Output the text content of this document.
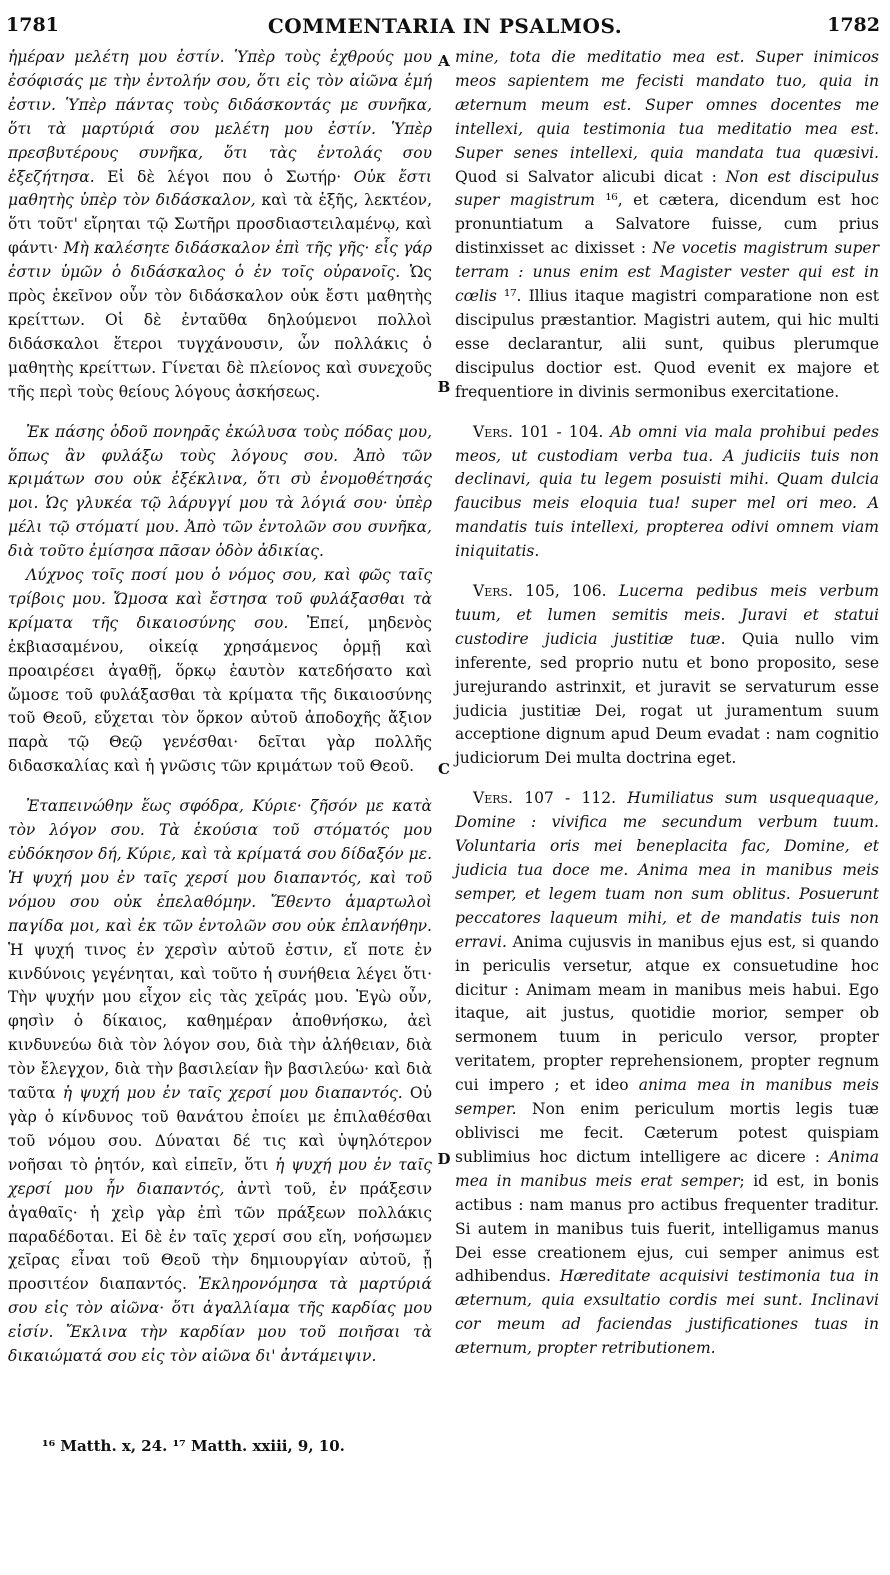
1781	COMMENTARIA IN PSALMOS.	1782
A
B
C
D

ἡμέραν μελέτη μου ἐστίν. Ὑπὲρ τοὺς ἐχθρούς μου ἐσόφισάς με τὴν ἐντολήν σου, ὅτι εἰς τὸν αἰῶνα ἐμή ἐστιν. Ὑπὲρ πάντας τοὺς διδάσκοντάς με συνῆκα, ὅτι τὰ μαρτύριά σου μελέτη μου ἐστίν. Ὑπὲρ πρεσβυτέρους συνῆκα, ὅτι τὰς ἐντολάς σου ἐξεζήτησα. Εἰ δὲ λέγοι που ὁ Σωτήρ· Οὐκ ἔστι μαθητὴς ὑπὲρ τὸν διδάσκαλον, καὶ τὰ ἑξῆς, λεκτέον, ὅτι τοῦτ' εἴρηται τῷ Σωτῆρι προσδιαστειλαμένῳ, καὶ φάντι· Μὴ καλέσητε διδάσκαλον ἐπὶ τῆς γῆς· εἷς γάρ ἐστιν ὑμῶν ὁ διδάσκαλος ὁ ἐν τοῖς οὐρανοῖς. Ὡς πρὸς ἐκεῖνον οὖν τὸν διδάσκαλον οὐκ ἔστι μαθητὴς κρείττων. Οἱ δὲ ἐνταῦθα δηλούμενοι πολλοὶ διδάσκαλοι ἕτεροι τυγχάνουσιν, ὧν πολλάκις ὁ μαθητὴς κρείττων. Γίνεται δὲ πλείονος καὶ συνεχοῦς τῆς περὶ τοὺς θείους λόγους ἀσκήσεως.

Ἐκ πάσης ὁδοῦ πονηρᾶς ἐκώλυσα τοὺς πόδας μου, ὅπως ἂν φυλάξω τοὺς λόγους σου. Ἀπὸ τῶν κριμάτων σου οὐκ ἐξέκλινα, ὅτι σὺ ἐνομοθέτησάς μοι. Ὡς γλυκέα τῷ λάρυγγί μου τὰ λόγιά σου· ὑπὲρ μέλι τῷ στόματί μου. Ἀπὸ τῶν ἐντολῶν σου συνῆκα, διὰ τοῦτο ἐμίσησα πᾶσαν ὁδὸν ἀδικίας.

Λύχνος τοῖς ποσί μου ὁ νόμος σου, καὶ φῶς ταῖς τρίβοις μου. Ὤμοσα καὶ ἔστησα τοῦ φυλάξασθαι τὰ κρίματα τῆς δικαιοσύνης σου. Ἐπεί, μηδενὸς ἐκβιασαμένου, οἰκείᾳ χρησάμενος ὁρμῇ καὶ προαιρέσει ἀγαθῇ, ὅρκῳ ἑαυτὸν κατεδήσατο καὶ ὤμοσε τοῦ φυλάξασθαι τὰ κρίματα τῆς δικαιοσύνης τοῦ Θεοῦ, εὔχεται τὸν ὅρκον αὐτοῦ ἀποδοχῆς ἄξιον παρὰ τῷ Θεῷ γενέσθαι· δεῖται γὰρ πολλῆς διδασκαλίας καὶ ἡ γνῶσις τῶν κριμάτων τοῦ Θεοῦ.

Ἐταπεινώθην ἕως σφόδρα, Κύριε· ζῆσόν με κατὰ τὸν λόγον σου. Τὰ ἑκούσια τοῦ στόματός μου εὐδόκησον δή, Κύριε, καὶ τὰ κρίματά σου δίδαξόν με. Ἡ ψυχή μου ἐν ταῖς χερσί μου διαπαντός, καὶ τοῦ νόμου σου οὐκ ἐπελαθόμην. Ἔθεντο ἁμαρτωλοὶ παγίδα μοι, καὶ ἐκ τῶν ἐντολῶν σου οὐκ ἐπλανήθην. Ἡ ψυχή τινος ἐν χερσὶν αὐτοῦ ἐστιν, εἴ ποτε ἐν κινδύνοις γεγένηται, καὶ τοῦτο ἡ συνήθεια λέγει ὅτι· Τὴν ψυχήν μου εἶχον εἰς τὰς χεῖράς μου. Ἐγὼ οὖν, φησὶν ὁ δίκαιος, καθημέραν ἀποθνήσκω, ἀεὶ κινδυνεύω διὰ τὸν λόγον σου, διὰ τὴν ἀλήθειαν, διὰ τὸν ἔλεγχον, διὰ τὴν βασιλείαν ἣν βασιλεύω· καὶ διὰ ταῦτα ἡ ψυχή μου ἐν ταῖς χερσί μου διαπαντός. Οὐ γὰρ ὁ κίνδυνος τοῦ θανάτου ἐποίει με ἐπιλαθέσθαι τοῦ νόμου σου. Δύναται δέ τις καὶ ὑψηλότερον νοῆσαι τὸ ῥητόν, καὶ εἰπεῖν, ὅτι ἡ ψυχή μου ἐν ταῖς χερσί μου ἦν διαπαντός, ἀντὶ τοῦ, ἐν πράξεσιν ἀγαθαῖς· ἡ χεὶρ γὰρ ἐπὶ τῶν πράξεων πολλάκις παραδέδοται. Εἰ δὲ ἐν ταῖς χερσί σου εἴη, νοήσωμεν χεῖρας εἶναι τοῦ Θεοῦ τὴν δημιουργίαν αὐτοῦ, ᾗ προσιτέον διαπαντός. Ἐκληρονόμησα τὰ μαρτύριά σου εἰς τὸν αἰῶνα· ὅτι ἀγαλλίαμα τῆς καρδίας μου εἰσίν. Ἔκλινα τὴν καρδίαν μου τοῦ ποιῆσαι τὰ δικαιώματά σου εἰς τὸν αἰῶνα δι' ἀντάμειψιν.

mine, tota die meditatio mea est. Super inimicos meos sapientem me fecisti mandato tuo, quia in æternum meum est. Super omnes docentes me intellexi, quia testimonia tua meditatio mea est. Super senes intellexi, quia mandata tua quæsivi. Quod si Salvator alicubi dicat : Non est discipulus super magistrum ¹⁶, et cætera, dicendum est hoc pronuntiatum a Salvatore fuisse, cum prius distinxisset ac dixisset : Ne vocetis magistrum super terram : unus enim est Magister vester qui est in cœlis ¹⁷. Illius itaque magistri comparatione non est discipulus præstantior. Magistri autem, qui hic multi esse declarantur, alii sunt, quibus plerumque discipulus doctior est. Quod evenit ex majore et frequentiore in divinis sermonibus exercitatione.

Vers. 101 - 104. Ab omni via mala prohibui pedes meos, ut custodiam verba tua. A judiciis tuis non declinavi, quia tu legem posuisti mihi. Quam dulcia faucibus meis eloquia tua! super mel ori meo. A mandatis tuis intellexi, propterea odivi omnem viam iniquitatis.

Vers. 105, 106. Lucerna pedibus meis verbum tuum, et lumen semitis meis. Juravi et statui custodire judicia justitiæ tuæ. Quia nullo vim inferente, sed proprio nutu et bono proposito, sese jurejurando astrinxit, et juravit se servaturum esse judicia justitiæ Dei, rogat ut juramentum suum acceptione dignum apud Deum evadat : nam cognitio judiciorum Dei multa doctrina eget.

Vers. 107 - 112. Humiliatus sum usquequaque, Domine : vivifica me secundum verbum tuum. Voluntaria oris mei beneplacita fac, Domine, et judicia tua doce me. Anima mea in manibus meis semper, et legem tuam non sum oblitus. Posuerunt peccatores laqueum mihi, et de mandatis tuis non erravi. Anima cujusvis in manibus ejus est, si quando in periculis versetur, atque ex consuetudine hoc dicitur : Animam meam in manibus meis habui. Ego itaque, ait justus, quotidie morior, semper ob sermonem tuum in periculo versor, propter veritatem, propter reprehensionem, propter regnum cui impero ; et ideo anima mea in manibus meis semper. Non enim periculum mortis legis tuæ oblivisci me fecit. Cæterum potest quispiam sublimius hoc dictum intelligere ac dicere : Anima mea in manibus meis erat semper; id est, in bonis actibus : nam manus pro actibus frequenter traditur. Si autem in manibus tuis fuerit, intelligamus manus Dei esse creationem ejus, cui semper animus est adhibendus. Hæreditate acquisivi testimonia tua in æternum, quia exsultatio cordis mei sunt. Inclinavi cor meum ad faciendas justificationes tuas in æternum, propter retributionem.

¹⁶ Matth. x, 24. ¹⁷ Matth. xxiii, 9, 10.
